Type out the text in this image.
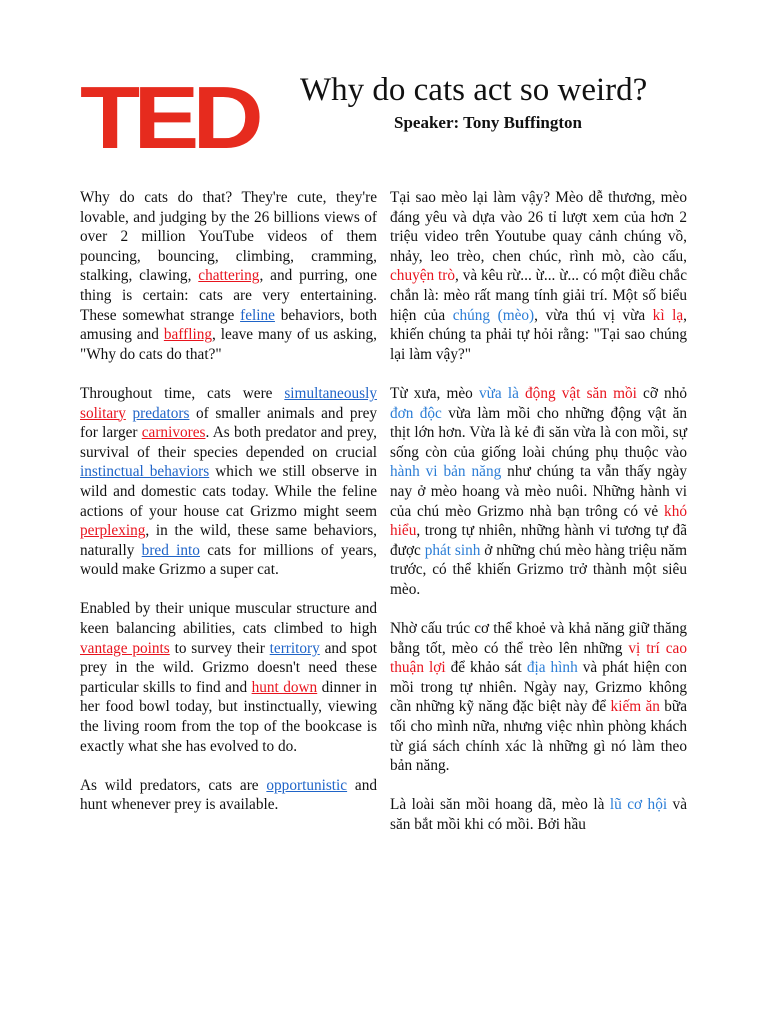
TED Why do cats act so weird?
Speaker: Tony Buffington

Why do cats do that? They're cute, they're lovable, and judging by the 26 billions views of over 2 million YouTube videos of them pouncing, bouncing, climbing, cramming, stalking, clawing, chattering, and purring, one thing is certain: cats are very entertaining. These somewhat strange feline behaviors, both amusing and baffling, leave many of us asking, "Why do cats do that?"

Throughout time, cats were simultaneously solitary predators of smaller animals and prey for larger carnivores. As both predator and prey, survival of their species depended on crucial instinctual behaviors which we still observe in wild and domestic cats today. While the feline actions of your house cat Grizmo might seem perplexing, in the wild, these same behaviors, naturally bred into cats for millions of years, would make Grizmo a super cat.

Enabled by their unique muscular structure and keen balancing abilities, cats climbed to high vantage points to survey their territory and spot prey in the wild. Grizmo doesn't need these particular skills to find and hunt down dinner in her food bowl today, but instinctually, viewing the living room from the top of the bookcase is exactly what she has evolved to do.

As wild predators, cats are opportunistic and hunt whenever prey is available.

Tại sao mèo lại làm vậy? Mèo dễ thương, mèo đáng yêu và dựa vào 26 tỉ lượt xem của hơn 2 triệu video trên Youtube quay cảnh chúng vồ, nhảy, leo trèo, chen chúc, rình mò, cào cấu, chuyện trò, và kêu rừ... ừ... ừ... có một điều chắc chắn là: mèo rất mang tính giải trí. Một số biểu hiện của chúng (mèo), vừa thú vị vừa kì lạ, khiến chúng ta phải tự hỏi rằng: "Tại sao chúng lại làm vậy?"

Từ xưa, mèo vừa là động vật săn mồi cỡ nhỏ đơn độc vừa làm mồi cho những động vật ăn thịt lớn hơn. Vừa là kẻ đi săn vừa là con mồi, sự sống còn của giống loài chúng phụ thuộc vào hành vi bản năng như chúng ta vẫn thấy ngày nay ở mèo hoang và mèo nuôi. Những hành vi của chú mèo Grizmo nhà bạn trông có vẻ khó hiểu, trong tự nhiên, những hành vi tương tự đã được phát sinh ở những chú mèo hàng triệu năm trước, có thể khiến Grizmo trở thành một siêu mèo.

Nhờ cấu trúc cơ thể khoẻ và khả năng giữ thăng bằng tốt, mèo có thể trèo lên những vị trí cao thuận lợi để khảo sát địa hình và phát hiện con mồi trong tự nhiên. Ngày nay, Grizmo không cần những kỹ năng đặc biệt này để kiếm ăn bữa tối cho mình nữa, nhưng việc nhìn phòng khách từ giá sách chính xác là những gì nó làm theo bản năng.

Là loài săn mồi hoang dã, mèo là lũ cơ hội và săn bắt mồi khi có mồi. Bởi hầu
